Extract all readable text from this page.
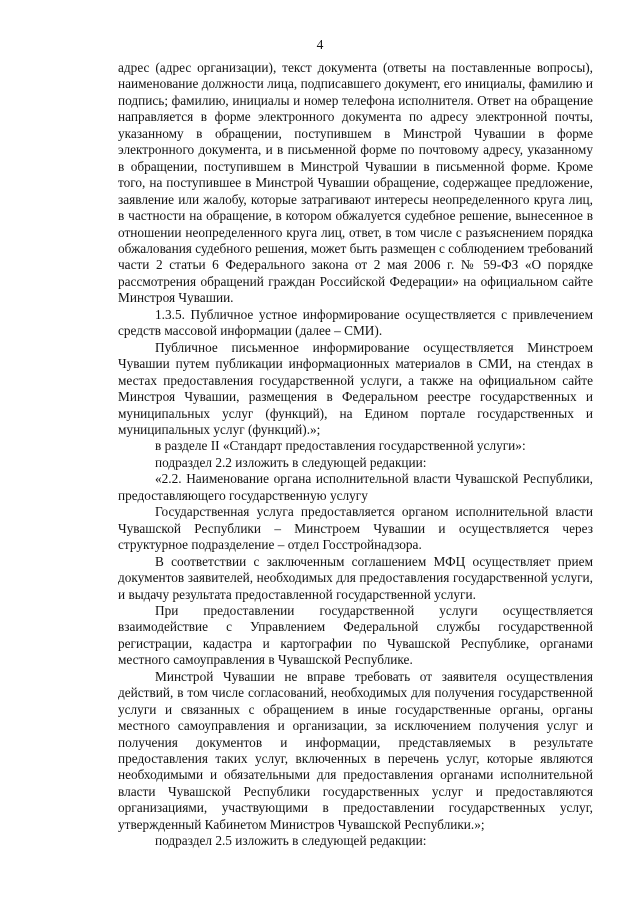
4

адрес (адрес организации), текст документа (ответы на поставленные вопросы), наименование должности лица, подписавшего документ, его инициалы, фамилию и подпись; фамилию, инициалы и номер телефона исполнителя. Ответ на обращение направляется в форме электронного документа по адресу электронной почты, указанному в обращении, поступившем в Минстрой Чувашии в форме электронного документа, и в письменной форме по почтовому адресу, указанному в обращении, поступившем в Минстрой Чувашии в письменной форме. Кроме того, на поступившее в Минстрой Чувашии обращение, содержащее предложение, заявление или жалобу, которые затрагивают интересы неопределенного круга лиц, в частности на обращение, в котором обжалуется судебное решение, вынесенное в отношении неопределенного круга лиц, ответ, в том числе с разъяснением порядка обжалования судебного решения, может быть размещен с соблюдением требований части 2 статьи 6 Федерального закона от 2 мая 2006 г. № 59-ФЗ «О порядке рассмотрения обращений граждан Российской Федерации» на официальном сайте Минстроя Чувашии.

1.3.5. Публичное устное информирование осуществляется с привлечением средств массовой информации (далее – СМИ).

Публичное письменное информирование осуществляется Минстроем Чувашии путем публикации информационных материалов в СМИ, на стендах в местах предоставления государственной услуги, а также на официальном сайте Минстроя Чувашии, размещения в Федеральном реестре государственных и муниципальных услуг (функций), на Едином портале государственных и муниципальных услуг (функций).»;

в разделе II «Стандарт предоставления государственной услуги»:

подраздел 2.2 изложить в следующей редакции:

«2.2. Наименование органа исполнительной власти Чувашской Республики, предоставляющего государственную услугу

Государственная услуга предоставляется органом исполнительной власти Чувашской Республики – Минстроем Чувашии и осуществляется через структурное подразделение – отдел Госстройнадзора.

В соответствии с заключенным соглашением МФЦ осуществляет прием документов заявителей, необходимых для предоставления государственной услуги, и выдачу результата предоставленной государственной услуги.

При предоставлении государственной услуги осуществляется взаимодействие с Управлением Федеральной службы государственной регистрации, кадастра и картографии по Чувашской Республике, органами местного самоуправления в Чувашской Республике.

Минстрой Чувашии не вправе требовать от заявителя осуществления действий, в том числе согласований, необходимых для получения государственной услуги и связанных с обращением в иные государственные органы, органы местного самоуправления и организации, за исключением получения услуг и получения документов и информации, представляемых в результате предоставления таких услуг, включенных в перечень услуг, которые являются необходимыми и обязательными для предоставления органами исполнительной власти Чувашской Республики государственных услуг и предоставляются организациями, участвующими в предоставлении государственных услуг, утвержденный Кабинетом Министров Чувашской Республики.»;

подраздел 2.5 изложить в следующей редакции:
